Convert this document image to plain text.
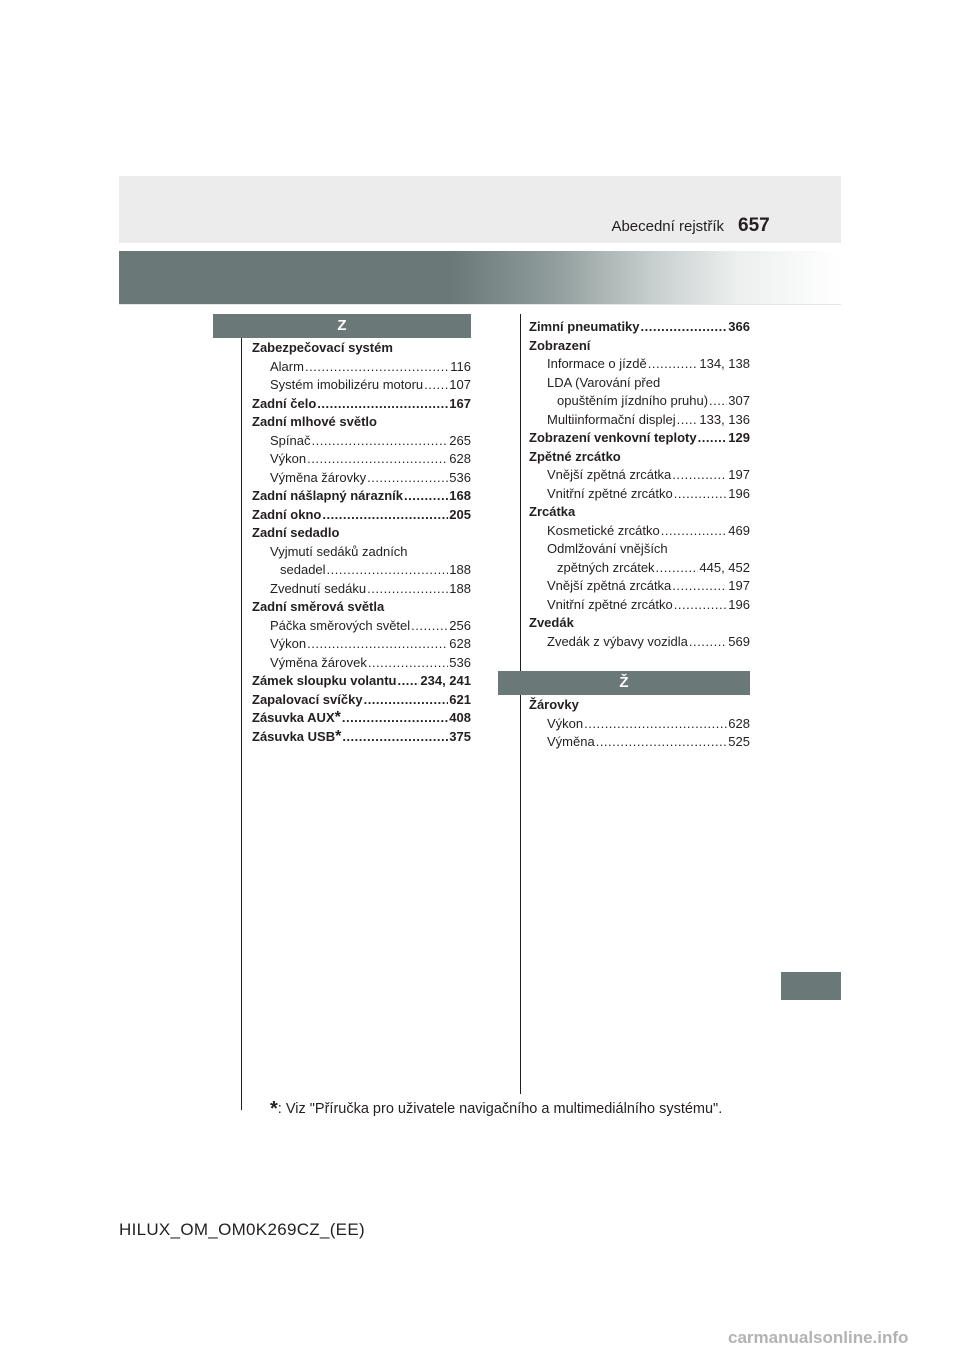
Abecední rejstřík 657
Z
Ž
Zabezpečovací systém
Alarm .....	116
Systém imobilizéru motoru ..... 107
Zadní čelo .....	167
Zadní mlhové světlo
Spínač .....	265
Výkon .....	628
Výměna žárovky .....	536
Zadní nášlapný nárazník .....	168
Zadní okno .....	205
Zadní sedadlo
Vyjmutí sedáků zadních
sedadel .....	188
Zvednutí sedáku .....	188
Zadní směrová světla
Páčka směrových světel .....	256
Výkon .....	628
Výměna žárovek .....	536
Zámek sloupku volantu ..... 234, 241
Zapalovací svíčky .....	621
Zásuvka AUX * .....	408
Zásuvka USB * .....	375
Zimní pneumatiky .....	366
Zobrazení
Informace o jízdě .....	134, 138
LDA (Varování před
opuštěním jízdního pruhu) ..... 307
Multiinformační displej ..... 133, 136
Zobrazení venkovní teploty ..... 129
Zpětné zrcátko
Vnější zpětná zrcátka .....	197
Vnitřní zpětné zrcátko .....	196
Zrcátka
Kosmetické zrcátko .....	469
Odmlžování vnějších
zpětných zrcátek .....	445, 452
Vnější zpětná zrcátka .....	197
Vnitřní zpětné zrcátko .....	196
Zvedák
Zvedák z výbavy vozidla .....	569
Žárovky
Výkon .....	628
Výměna .....	525
*: Viz "Příručka pro uživatele navigačního a multimediálního systému".
HILUX_OM_OM0K269CZ_(EE)
carmanualsonline.info
